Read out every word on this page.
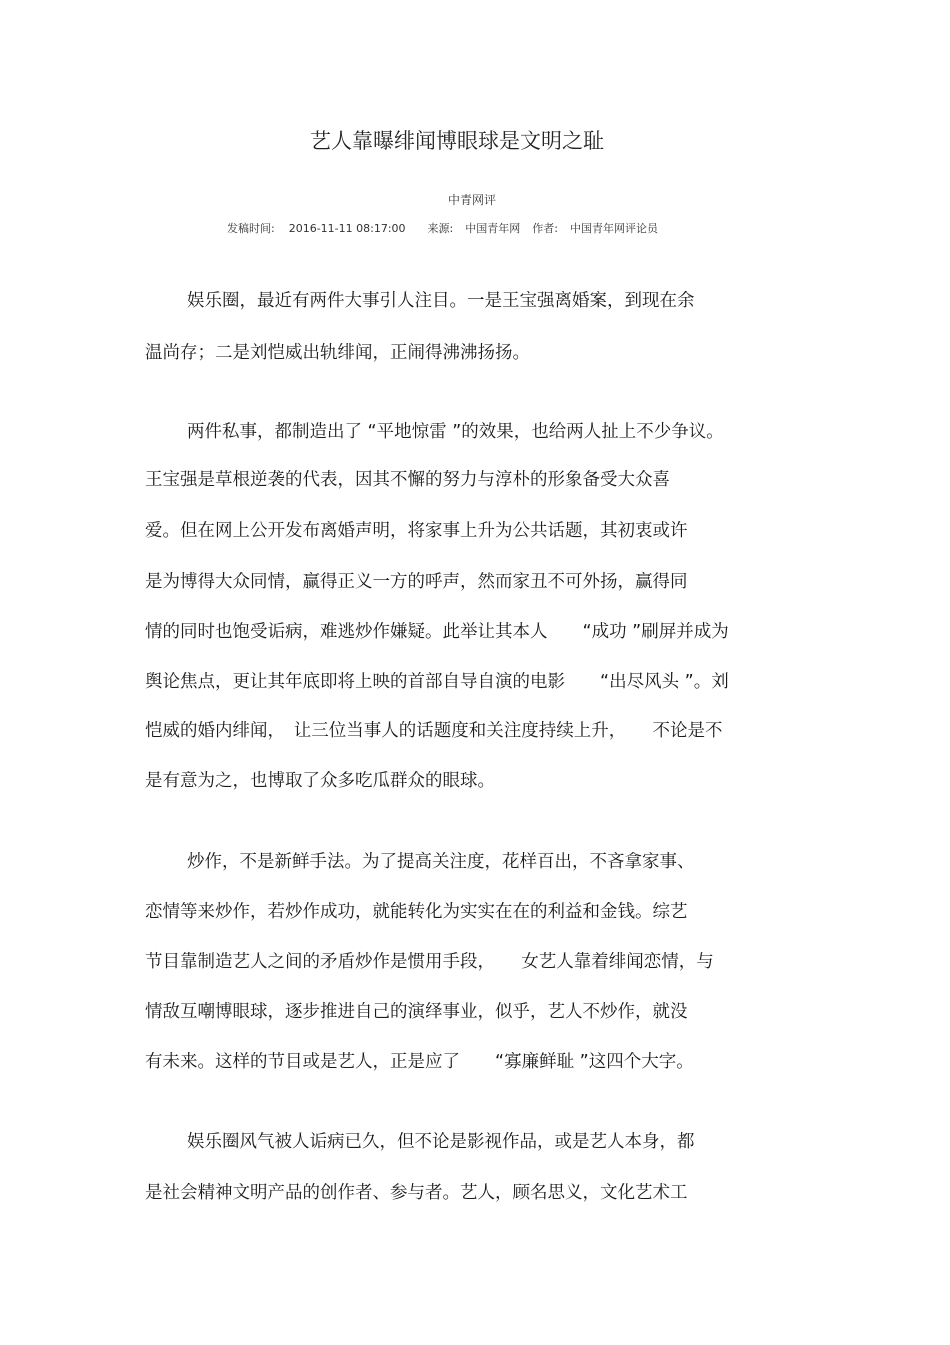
艺人靠曝绯闻博眼球是文明之耻
中青网评
发稿时间: 2016-11-11 08:17:00 来源: 中国青年网 作者: 中国青年网评论员
娱乐圈，最近有两件大事引人注目。一是王宝强离婚案，到现在余
温尚存；二是刘恺威出轨绯闻，正闹得沸沸扬扬。
两件私事，都制造出了 “平地惊雷 ”的效果，也给两人扯上不少争议。
王宝强是草根逆袭的代表，因其不懈的努力与淳朴的形象备受大众喜
爱。但在网上公开发布离婚声明，将家事上升为公共话题，其初衷或许
是为博得大众同情，赢得正义一方的呼声，然而家丑不可外扬，赢得同
情的同时也饱受诟病，难逃炒作嫌疑。此举让其本人　　“成功 ”刷屏并成为
舆论焦点，更让其年底即将上映的首部自导自演的电影　　“出尽风头 ”。刘
恺威的婚内绯闻，　让三位当事人的话题度和关注度持续上升，　　不论是不
是有意为之，也博取了众多吃瓜群众的眼球。
炒作，不是新鲜手法。为了提高关注度，花样百出，不吝拿家事、
恋情等来炒作，若炒作成功，就能转化为实实在在的利益和金钱。综艺
节目靠制造艺人之间的矛盾炒作是惯用手段，　　女艺人靠着绯闻恋情，与
情敌互嘲博眼球，逐步推进自己的演绎事业，似乎，艺人不炒作，就没
有未来。这样的节目或是艺人，正是应了　　“寡廉鲜耻 ”这四个大字。
娱乐圈风气被人诟病已久，但不论是影视作品，或是艺人本身，都
是社会精神文明产品的创作者、参与者。艺人，顾名思义，文化艺术工
